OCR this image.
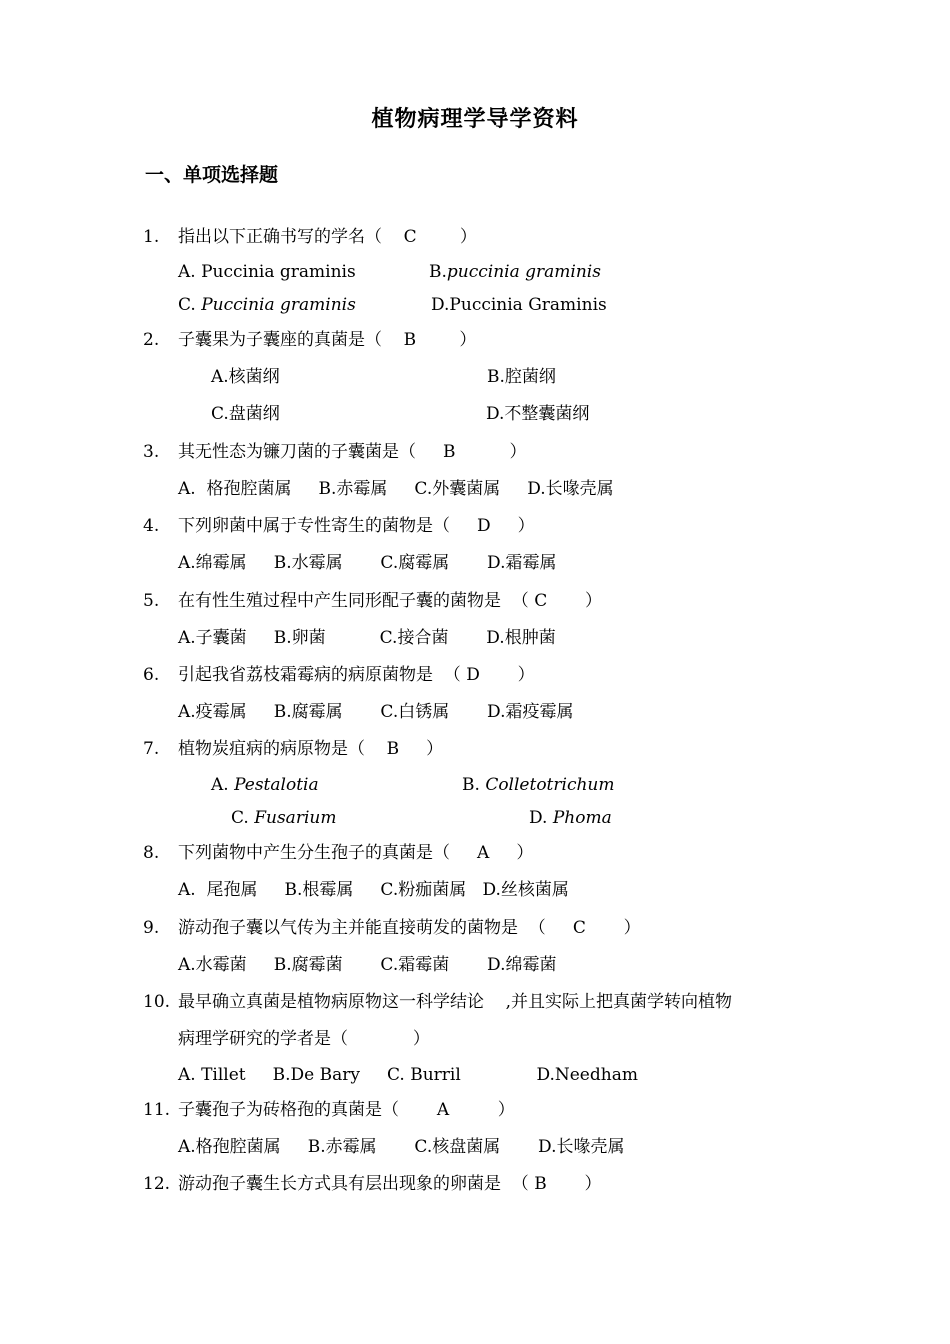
植物病理学导学资料
一、单项选择题
1. 指出以下正确书写的学名（    C        ）
A. Puccinia graminis	B.puccinia graminis
C. Puccinia graminis	D.Puccinia Graminis
2. 子囊果为子囊座的真菌是（    B        ）
A.核菌纲	B.腔菌纲
C.盘菌纲	D.不整囊菌纲
3. 其无性态为镰刀菌的子囊菌是（     B          ）
A.  格孢腔菌属     B.赤霉属     C.外囊菌属     D.长喙壳属
4. 下列卵菌中属于专性寄生的菌物是（     D     ）
A.绵霉属     B.水霉属       C.腐霉属       D.霜霉属
5. 在有性生殖过程中产生同形配子囊的菌物是  （ C       ）
A.子囊菌     B.卵菌          C.接合菌       D.根肿菌
6. 引起我省荔枝霜霉病的病原菌物是  （ D       ）
A.疫霉属     B.腐霉属       C.白锈属       D.霜疫霉属
7. 植物炭疽病的病原物是（    B     ）
A. Pestalotia	B. Colletotrichum
C. Fusarium	D. Phoma
8. 下列菌物中产生分生孢子的真菌是（     A     ）
A.  尾孢属     B.根霉属     C.粉痂菌属   D.丝核菌属
9. 游动孢子囊以气传为主并能直接萌发的菌物是  （     C       ）
A.水霉菌     B.腐霉菌       C.霜霉菌       D.绵霉菌
10. 最早确立真菌是植物病原物这一科学结论    ,并且实际上把真菌学转向植物
病理学研究的学者是（            ）
A. Tillet     B.De Bary     C. Burril              D.Needham
11. 子囊孢子为砖格孢的真菌是（       A         ）
A.格孢腔菌属     B.赤霉属       C.核盘菌属       D.长喙壳属
12. 游动孢子囊生长方式具有层出现象的卵菌是  （ B       ）
